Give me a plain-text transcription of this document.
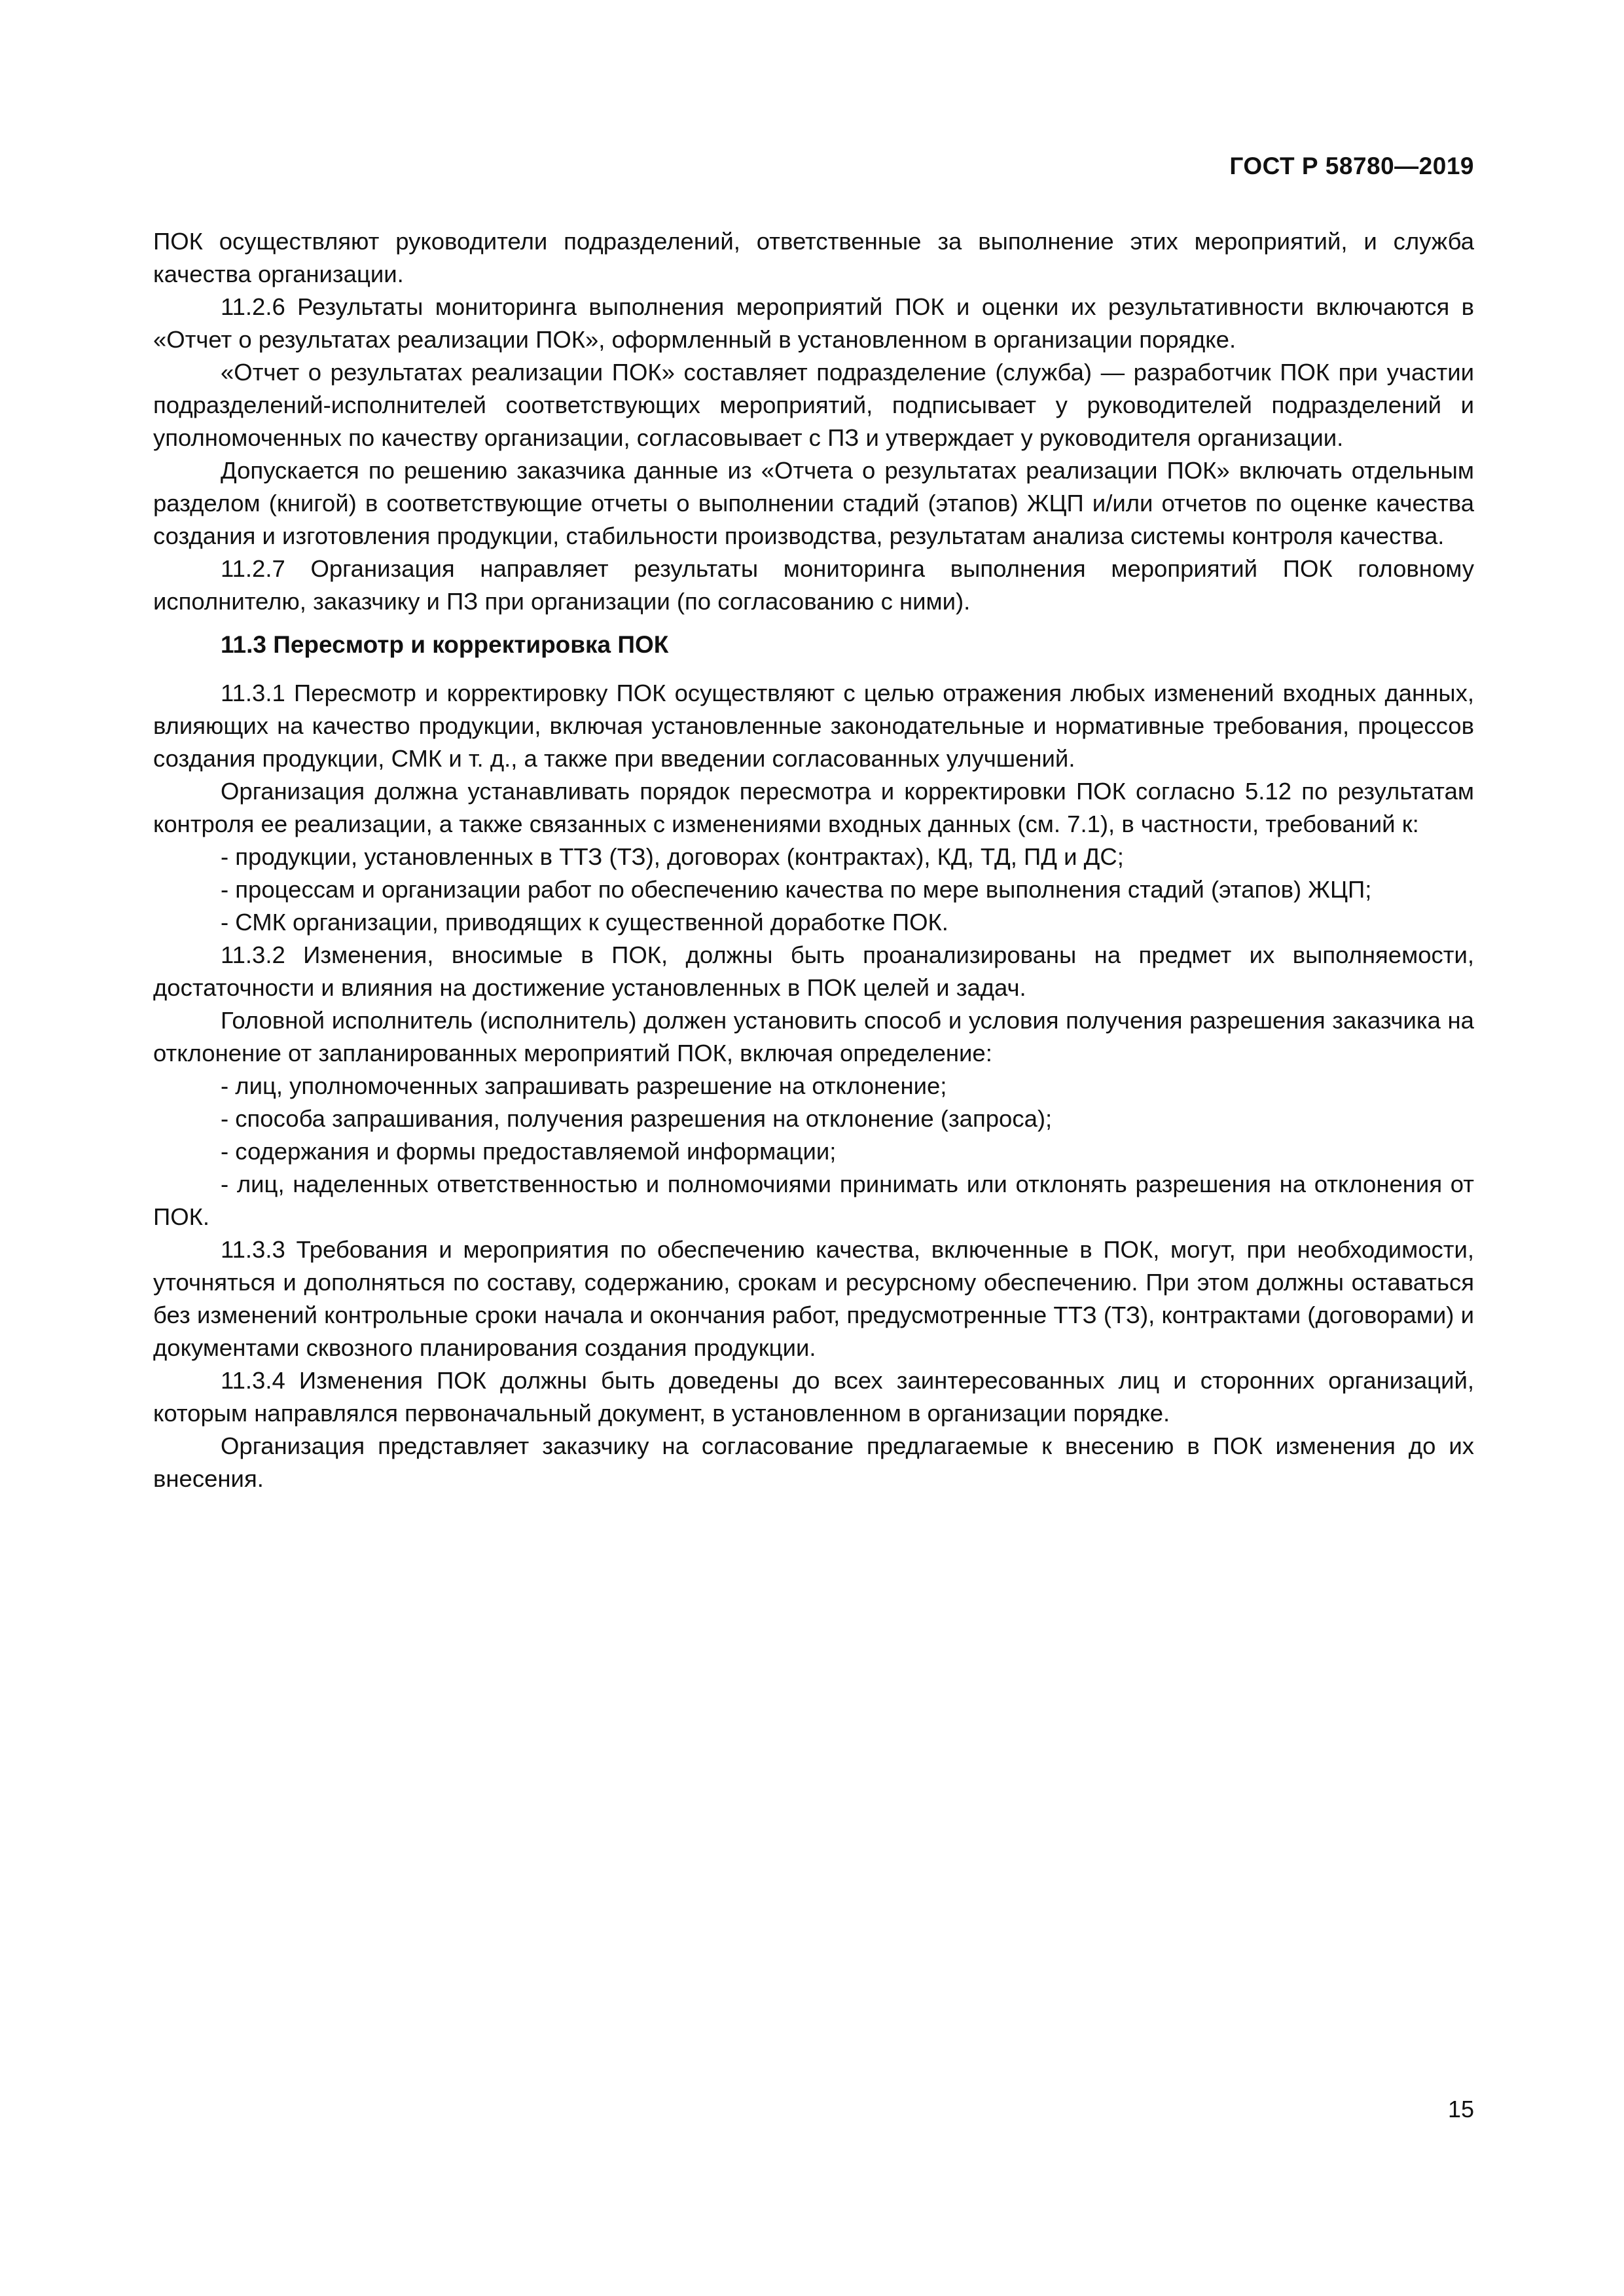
ГОСТ Р 58780—2019

ПОК осуществляют руководители подразделений, ответственные за выполнение этих мероприятий, и служба качества организации.

11.2.6 Результаты мониторинга выполнения мероприятий ПОК и оценки их результативности включаются в «Отчет о результатах реализации ПОК», оформленный в установленном в организации порядке.

«Отчет о результатах реализации ПОК» составляет подразделение (служба) — разработчик ПОК при участии подразделений-исполнителей соответствующих мероприятий, подписывает у руководителей подразделений и уполномоченных по качеству организации, согласовывает с ПЗ и утверждает у руководителя организации.

Допускается по решению заказчика данные из «Отчета о результатах реализации ПОК» включать отдельным разделом (книгой) в соответствующие отчеты о выполнении стадий (этапов) ЖЦП и/или отчетов по оценке качества создания и изготовления продукции, стабильности производства, результатам анализа системы контроля качества.

11.2.7 Организация направляет результаты мониторинга выполнения мероприятий ПОК головному исполнителю, заказчику и ПЗ при организации (по согласованию с ними).

11.3 Пересмотр и корректировка ПОК

11.3.1 Пересмотр и корректировку ПОК осуществляют с целью отражения любых изменений входных данных, влияющих на качество продукции, включая установленные законодательные и нормативные требования, процессов создания продукции, СМК и т. д., а также при введении согласованных улучшений.

Организация должна устанавливать порядок пересмотра и корректировки ПОК согласно 5.12 по результатам контроля ее реализации, а также связанных с изменениями входных данных (см. 7.1), в частности, требований к:

- продукции, установленных в ТТЗ (ТЗ), договорах (контрактах), КД, ТД, ПД и ДС;

- процессам и организации работ по обеспечению качества по мере выполнения стадий (этапов) ЖЦП;

- СМК организации, приводящих к существенной доработке ПОК.

11.3.2 Изменения, вносимые в ПОК, должны быть проанализированы на предмет их выполняемости, достаточности и влияния на достижение установленных в ПОК целей и задач.

Головной исполнитель (исполнитель) должен установить способ и условия получения разрешения заказчика на отклонение от запланированных мероприятий ПОК, включая определение:

- лиц, уполномоченных запрашивать разрешение на отклонение;

- способа запрашивания, получения разрешения на отклонение (запроса);

- содержания и формы предоставляемой информации;

- лиц, наделенных ответственностью и полномочиями принимать или отклонять разрешения на отклонения от ПОК.

11.3.3 Требования и мероприятия по обеспечению качества, включенные в ПОК, могут, при необходимости, уточняться и дополняться по составу, содержанию, срокам и ресурсному обеспечению. При этом должны оставаться без изменений контрольные сроки начала и окончания работ, предусмотренные ТТЗ (ТЗ), контрактами (договорами) и документами сквозного планирования создания продукции.

11.3.4 Изменения ПОК должны быть доведены до всех заинтересованных лиц и сторонних организаций, которым направлялся первоначальный документ, в установленном в организации порядке.

Организация представляет заказчику на согласование предлагаемые к внесению в ПОК изменения до их внесения.

15
